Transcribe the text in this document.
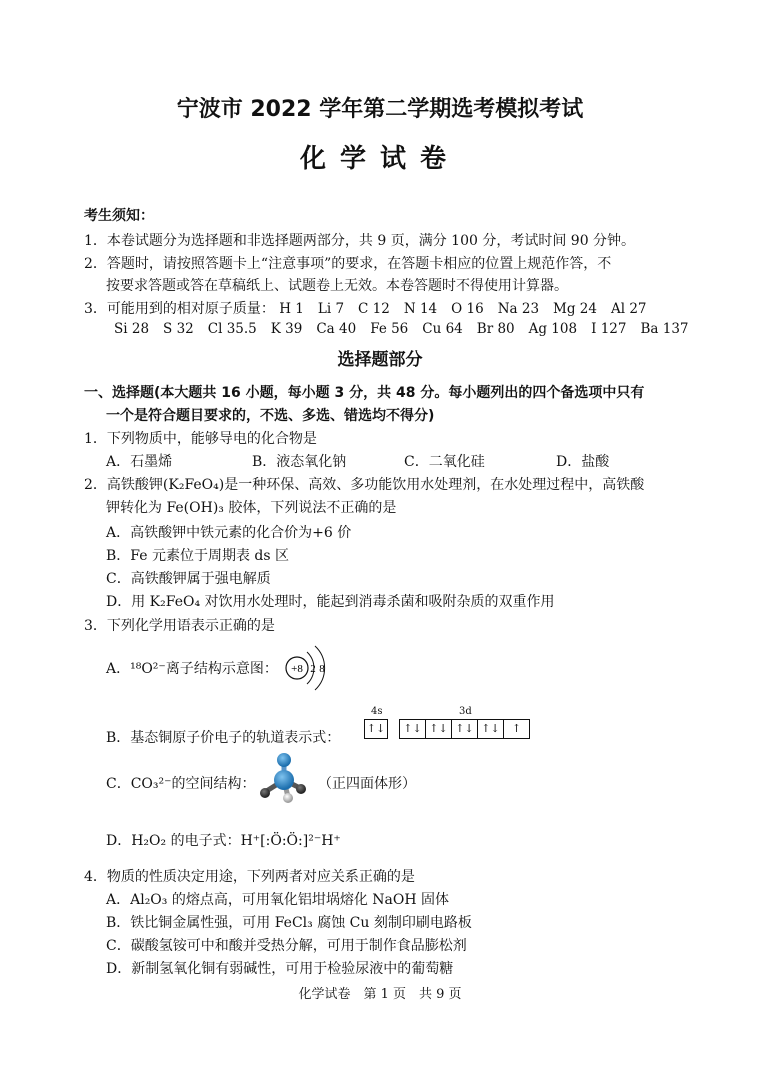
宁波市 2022 学年第二学期选考模拟考试
化学试卷
考生须知：
1．本卷试题分为选择题和非选择题两部分，共 9 页，满分 100 分，考试时间 90 分钟。
2．答题时，请按照答题卡上“注意事项”的要求，在答题卡相应的位置上规范作答，不
按要求答题或答在草稿纸上、试题卷上无效。本卷答题时不得使用计算器。
3．可能用到的相对原子质量： H 1 Li 7 C 12 N 14 O 16 Na 23 Mg 24 Al 27
Si 28 S 32 Cl 35.5 K 39 Ca 40 Fe 56 Cu 64 Br 80 Ag 108 I 127 Ba 137
选择题部分
一、选择题(本大题共 16 小题，每小题 3 分，共 48 分。每小题列出的四个备选项中只有
一个是符合题目要求的，不选、多选、错选均不得分)
1．下列物质中，能够导电的化合物是
A．石墨烯	B．液态氧化钠	C．二氧化硅	D．盐酸
2．高铁酸钾(K₂FeO₄)是一种环保、高效、多功能饮用水处理剂，在水处理过程中，高铁酸
钾转化为 Fe(OH)₃ 胶体，下列说法不正确的是
A．高铁酸钾中铁元素的化合价为+6 价
B．Fe 元素位于周期表 ds 区
C．高铁酸钾属于强电解质
D．用 K₂FeO₄ 对饮用水处理时，能起到消毒杀菌和吸附杂质的双重作用
3．下列化学用语表示正确的是
A．¹⁸O²⁻离子结构示意图： +8 2 8
B．基态铜原子价电子的轨道表示式：
4s	3d
↑↓ ↑↓ ↑↓ ↑↓ ↑↓	↑
C．CO₃²⁻的空间结构：	（正四面体形）
D．H₂O₂ 的电子式：H⁺[:Ö:Ö:]²⁻H⁺
4．物质的性质决定用途，下列两者对应关系正确的是
A．Al₂O₃ 的熔点高，可用氧化铝坩埚熔化 NaOH 固体
B．铁比铜金属性强，可用 FeCl₃ 腐蚀 Cu 刻制印刷电路板
C．碳酸氢铵可中和酸并受热分解，可用于制作食品膨松剂
D．新制氢氧化铜有弱碱性，可用于检验尿液中的葡萄糖
化学试卷　第 1 页　共 9 页
